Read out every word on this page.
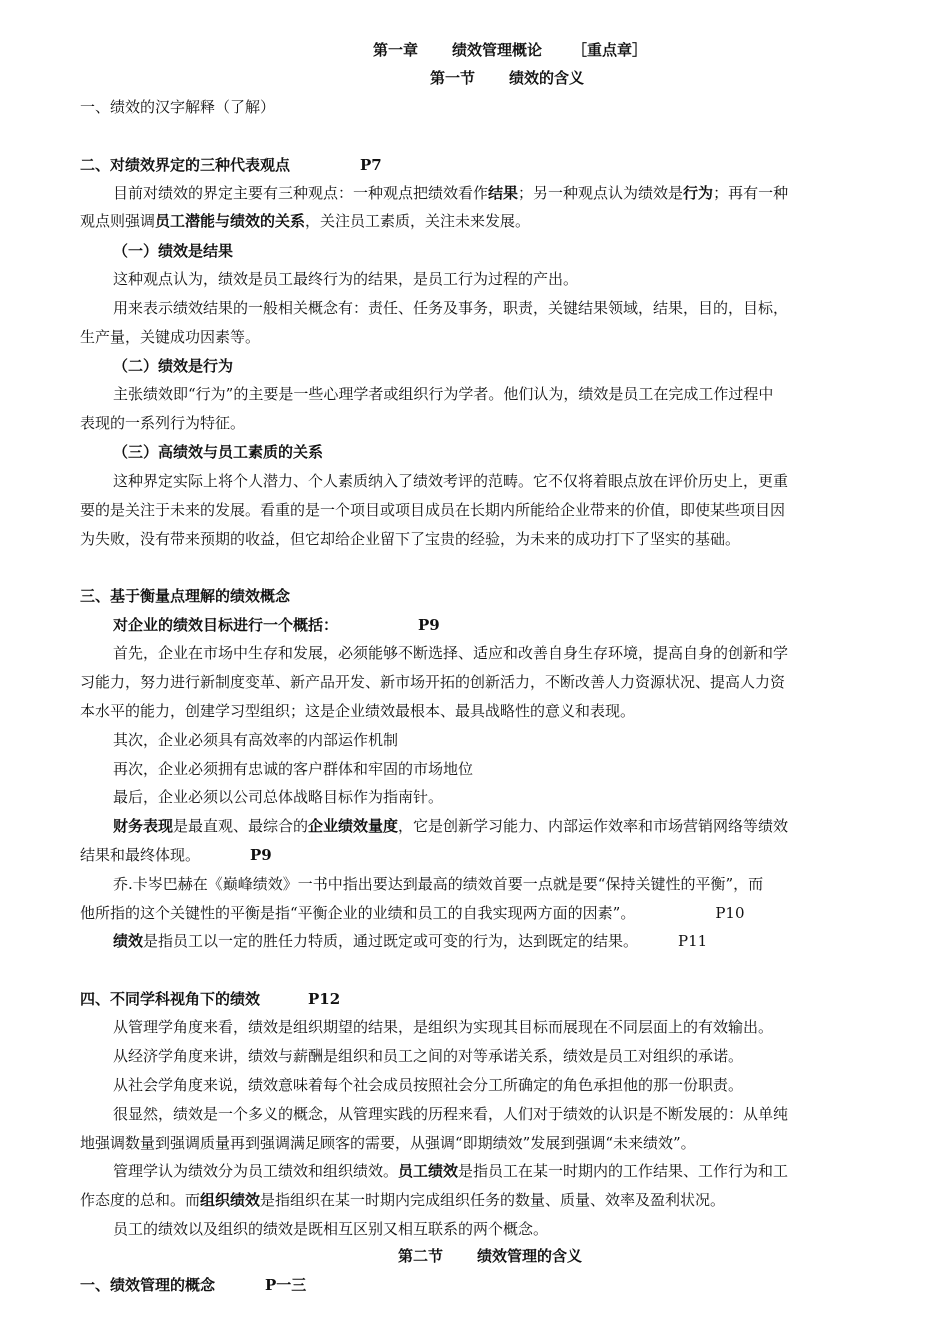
第一章 绩效管理概论 ［重点章］
第一节 绩效的含义
一、绩效的汉字解释（了解）
二、对绩效界定的三种代表观点	P7
目前对绩效的界定主要有三种观点：一种观点把绩效看作结果；另一种观点认为绩效是行为；再有一种
观点则强调员工潜能与绩效的关系，关注员工素质，关注未来发展。
（一）绩效是结果
这种观点认为，绩效是员工最终行为的结果，是员工行为过程的产出。
用来表示绩效结果的一般相关概念有：责任、任务及事务，职责，关键结果领域，结果，目的，目标，
生产量，关键成功因素等。
（二）绩效是行为
主张绩效即“行为”的主要是一些心理学者或组织行为学者。他们认为，绩效是员工在完成工作过程中
表现的一系列行为特征。
（三）高绩效与员工素质的关系
这种界定实际上将个人潜力、个人素质纳入了绩效考评的范畴。它不仅将着眼点放在评价历史上，更重
要的是关注于未来的发展。看重的是一个项目或项目成员在长期内所能给企业带来的价值，即使某些项目因
为失败，没有带来预期的收益，但它却给企业留下了宝贵的经验，为未来的成功打下了坚实的基础。
三、基于衡量点理解的绩效概念
对企业的绩效目标进行一个概括：	P9
首先，企业在市场中生存和发展，必须能够不断选择、适应和改善自身生存环境，提高自身的创新和学
习能力，努力进行新制度变革、新产品开发、新市场开拓的创新活力，不断改善人力资源状况、提高人力资
本水平的能力，创建学习型组织；这是企业绩效最根本、最具战略性的意义和表现。
其次，企业必须具有高效率的内部运作机制
再次，企业必须拥有忠诚的客户群体和牢固的市场地位
最后，企业必须以公司总体战略目标作为指南针。
财务表现是最直观、最综合的企业绩效量度，它是创新学习能力、内部运作效率和市场营销网络等绩效
结果和最终体现。	P9
乔.卡岑巴赫在《巅峰绩效》一书中指出要达到最高的绩效首要一点就是要“保持关键性的平衡”，而
他所指的这个关键性的平衡是指“平衡企业的业绩和员工的自我实现两方面的因素”。	P10
绩效是指员工以一定的胜任力特质，通过既定或可变的行为，达到既定的结果。	P11
四、不同学科视角下的绩效	P12
从管理学角度来看，绩效是组织期望的结果，是组织为实现其目标而展现在不同层面上的有效输出。
从经济学角度来讲，绩效与薪酬是组织和员工之间的对等承诺关系，绩效是员工对组织的承诺。
从社会学角度来说，绩效意味着每个社会成员按照社会分工所确定的角色承担他的那一份职责。
很显然，绩效是一个多义的概念，从管理实践的历程来看，人们对于绩效的认识是不断发展的：从单纯
地强调数量到强调质量再到强调满足顾客的需要，从强调“即期绩效”发展到强调“未来绩效”。
管理学认为绩效分为员工绩效和组织绩效。员工绩效是指员工在某一时期内的工作结果、工作行为和工
作态度的总和。而组织绩效是指组织在某一时期内完成组织任务的数量、质量、效率及盈利状况。
员工的绩效以及组织的绩效是既相互区别又相互联系的两个概念。
第二节 绩效管理的含义
一、绩效管理的概念	P一三
